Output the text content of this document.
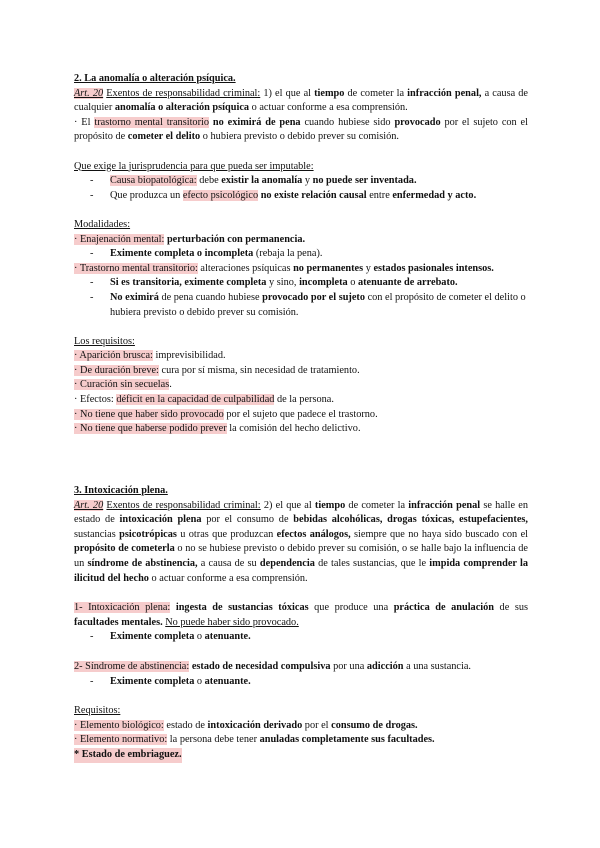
2. La anomalía o alteración psíquica.

Art. 20 Exentos de responsabilidad criminal: 1) el que al tiempo de cometer la infracción penal, a causa de cualquier anomalía o alteración psíquica o actuar conforme a esa comprensión.

· El trastorno mental transitorio no eximirá de pena cuando hubiese sido provocado por el sujeto con el propósito de cometer el delito o hubiera previsto o debido prever su comisión.

Que exige la jurisprudencia para que pueda ser imputable:

- Causa biopatológica: debe existir la anomalía y no puede ser inventada.

- Que produzca un efecto psicológico no existe relación causal entre enfermedad y acto.

Modalidades:

· Enajenación mental: perturbación con permanencia.

- Eximente completa o incompleta (rebaja la pena).

· Trastorno mental transitorio: alteraciones psíquicas no permanentes y estados pasionales intensos.

- Si es transitoria, eximente completa y sino, incompleta o atenuante de arrebato.

- No eximirá de pena cuando hubiese provocado por el sujeto con el propósito de cometer el delito o hubiera previsto o debido prever su comisión.

Los requisitos:

· Aparición brusca: imprevisibilidad.

· De duración breve: cura por sí misma, sin necesidad de tratamiento.

· Curación sin secuelas.

· Efectos: déficit en la capacidad de culpabilidad de la persona.

· No tiene que haber sido provocado por el sujeto que padece el trastorno.

· No tiene que haberse podido prever la comisión del hecho delictivo.

3. Intoxicación plena.

Art. 20 Exentos de responsabilidad criminal: 2) el que al tiempo de cometer la infracción penal se halle en estado de intoxicación plena por el consumo de bebidas alcohólicas, drogas tóxicas, estupefacientes, sustancias psicotrópicas u otras que produzcan efectos análogos, siempre que no haya sido buscado con el propósito de cometerla o no se hubiese previsto o debido prever su comisión, o se halle bajo la influencia de un síndrome de abstinencia, a causa de su dependencia de tales sustancias, que le impida comprender la ilicitud del hecho o actuar conforme a esa comprensión.

1- Intoxicación plena: ingesta de sustancias tóxicas que produce una práctica de anulación de sus facultades mentales. No puede haber sido provocado.

- Eximente completa o atenuante.

2- Síndrome de abstinencia: estado de necesidad compulsiva por una adicción a una sustancia.

- Eximente completa o atenuante.

Requisitos:

· Elemento biológico: estado de intoxicación derivado por el consumo de drogas.

· Elemento normativo: la persona debe tener anuladas completamente sus facultades.

* Estado de embriaguez.
